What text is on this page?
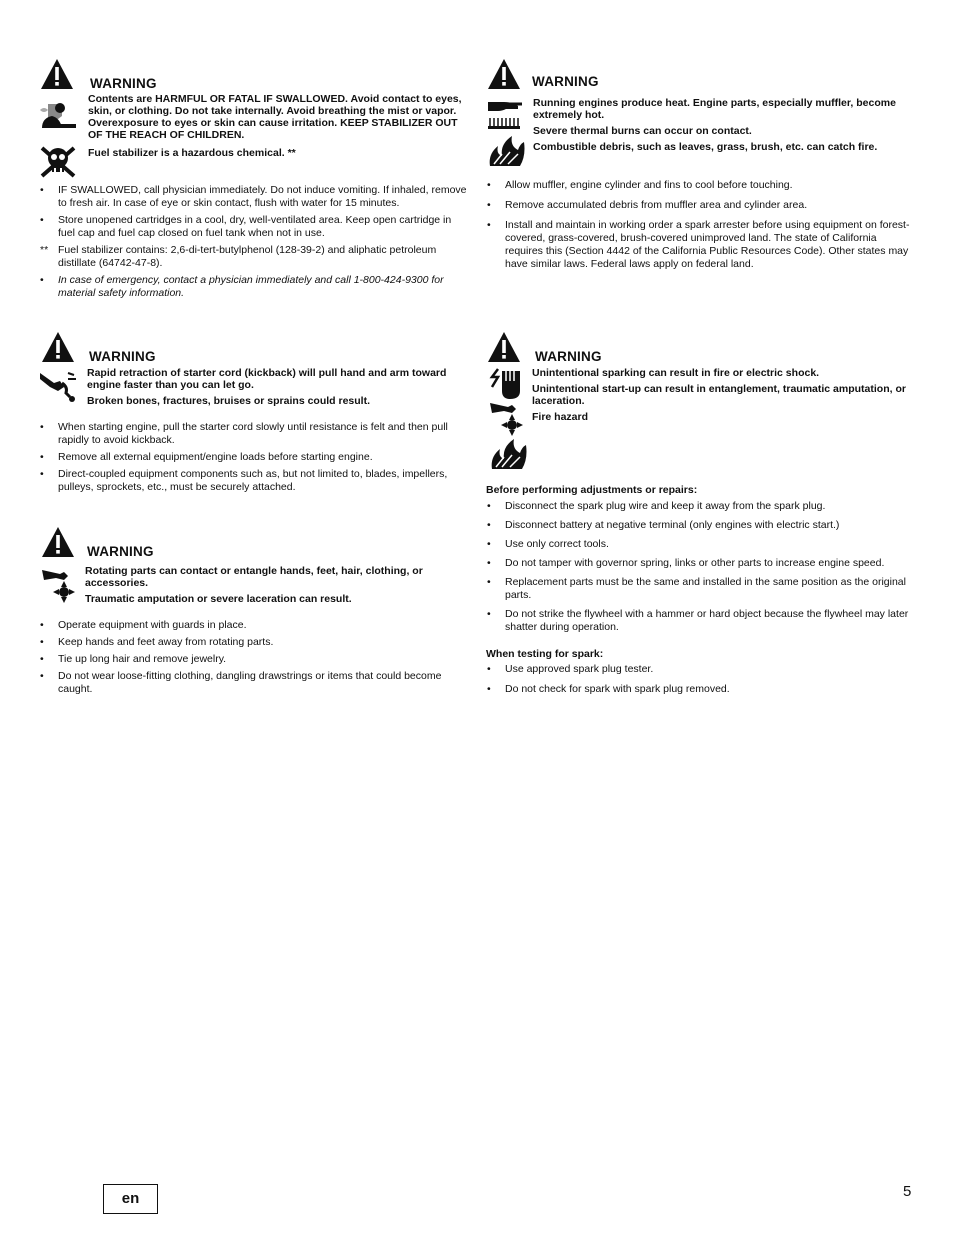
WARNING

Contents are HARMFUL OR FATAL IF SWALLOWED. Avoid contact to eyes, skin, or clothing. Do not take internally. Avoid breathing the mist or vapor. Overexposure to eyes or skin can cause irritation. KEEP STABILIZER OUT OF THE REACH OF CHILDREN.

Fuel stabilizer is a hazardous chemical. **

•	IF SWALLOWED, call physician immediately. Do not induce vomiting. If inhaled, remove to fresh air. In case of eye or skin contact, flush with water for 15 minutes.
•	Store unopened cartridges in a cool, dry, well-ventilated area. Keep open cartridge in fuel cap and fuel cap closed on fuel tank when not in use.
** Fuel stabilizer contains: 2,6-di-tert-butylphenol (128-39-2) and aliphatic petroleum distillate (64742-47-8).
•	In case of emergency, contact a physician immediately and call 1-800-424-9300 for material safety information.
WARNING

Running engines produce heat. Engine parts, especially muffler, become extremely hot.

Severe thermal burns can occur on contact.

Combustible debris, such as leaves, grass, brush, etc. can catch fire.

•	Allow muffler, engine cylinder and fins to cool before touching.
•	Remove accumulated debris from muffler area and cylinder area.
•	Install and maintain in working order a spark arrester before using equipment on forest-covered, grass-covered, brush-covered unimproved land. The state of California requires this (Section 4442 of the California Public Resources Code). Other states may have similar laws. Federal laws apply on federal land.
WARNING

Rapid retraction of starter cord (kickback) will pull hand and arm toward engine faster than you can let go.

Broken bones, fractures, bruises or sprains could result.

•	When starting engine, pull the starter cord slowly until resistance is felt and then pull rapidly to avoid kickback.
•	Remove all external equipment/engine loads before starting engine.
•	Direct-coupled equipment components such as, but not limited to, blades, impellers, pulleys, sprockets, etc., must be securely attached.
WARNING

Unintentional sparking can result in fire or electric shock.

Unintentional start-up can result in entanglement, traumatic amputation, or laceration.

Fire hazard

Before performing adjustments or repairs:
•	Disconnect the spark plug wire and keep it away from the spark plug.
•	Disconnect battery at negative terminal (only engines with electric start.)
•	Use only correct tools.
•	Do not tamper with governor spring, links or other parts to increase engine speed.
•	Replacement parts must be the same and installed in the same position as the original parts.
•	Do not strike the flywheel with a hammer or hard object because the flywheel may later shatter during operation.
When testing for spark:
•	Use approved spark plug tester.
•	Do not check for spark with spark plug removed.
WARNING

Rotating parts can contact or entangle hands, feet, hair, clothing, or accessories.

Traumatic amputation or severe laceration can result.

•	Operate equipment with guards in place.
•	Keep hands and feet away from rotating parts.
•	Tie up long hair and remove jewelry.
•	Do not wear loose-fitting clothing, dangling drawstrings or items that could become caught.
en	5
